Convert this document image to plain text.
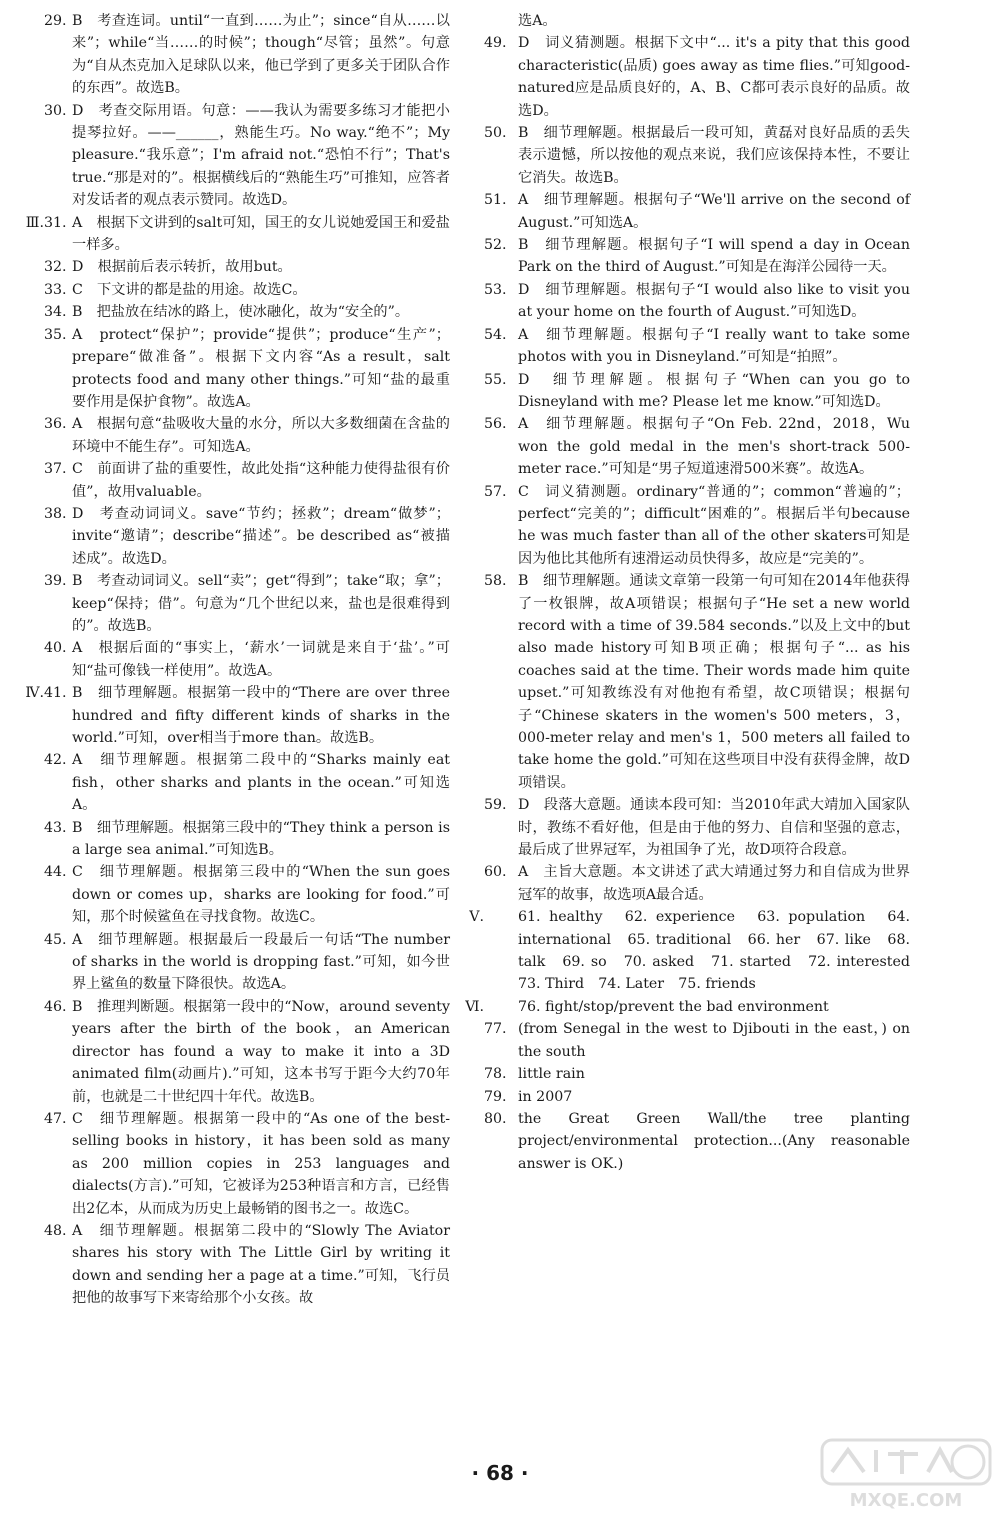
29. B　考查连词。until“一直到……为止”；since“自从……以来”；while“当……的时候”；though“尽管；虽然”。句意为“自从杰克加入足球队以来，他已学到了更多关于团队合作的东西”。故选B。
30. D　考查交际用语。句意：——我认为需要多练习才能把小提琴拉好。——______，熟能生巧。No way.“绝不”；My pleasure.“我乐意”；I'm afraid not.“恐怕不行”；That's true.“那是对的”。根据横线后的“熟能生巧”可推知，应答者对发话者的观点表示赞同。故选D。
Ⅲ. 31. A　根据下文讲到的salt可知，国王的女儿说她爱国王和爱盐一样多。
32. D　根据前后表示转折，故用but。
33. C　下文讲的都是盐的用途。故选C。
34. B　把盐放在结冰的路上，使冰融化，故为“安全的”。
35. A　protect“保护”；provide“提供”；produce“生产”；prepare“做准备”。根据下文内容“As a result，salt protects food and many other things.”可知“盐的最重要作用是保护食物”。故选A。
36. A　根据句意“盐吸收大量的水分，所以大多数细菌在含盐的环境中不能生存”。可知选A。
37. C　前面讲了盐的重要性，故此处指“这种能力使得盐很有价值”，故用valuable。
38. D　考查动词词义。save“节约；拯救”；dream“做梦”；invite“邀请”；describe“描述”。be described as“被描述成”。故选D。
39. B　考查动词词义。sell“卖”；get“得到”；take“取；拿”；keep“保持；借”。句意为“几个世纪以来，盐也是很难得到的”。故选B。
40. A　根据后面的“事实上，‘薪水’一词就是来自于‘盐’。”可知“盐可像钱一样使用”。故选A。
Ⅳ. 41. B　细节理解题。根据第一段中的“There are over three hundred and fifty different kinds of sharks in the world.”可知，over相当于more than。故选B。
42. A　细节理解题。根据第二段中的“Sharks mainly eat fish，other sharks and plants in the ocean.”可知选A。
43. B　细节理解题。根据第三段中的“They think a person is a large sea animal.”可知选B。
44. C　细节理解题。根据第三段中的“When the sun goes down or comes up，sharks are looking for food.”可知，那个时候鲨鱼在寻找食物。故选C。
45. A　细节理解题。根据最后一段最后一句话“The number of sharks in the world is dropping fast.”可知，如今世界上鲨鱼的数量下降很快。故选A。
46. B　推理判断题。根据第一段中的“Now，around seventy years after the birth of the book，an American director has found a way to make it into a 3D animated film(动画片).”可知，这本书写于距今大约70年前，也就是二十世纪四十年代。故选B。
47. C　细节理解题。根据第一段中的“As one of the best-selling books in history，it has been sold as many as 200 million copies in 253 languages and dialects(方言).”可知，它被译为253种语言和方言，已经售出2亿本，从而成为历史上最畅销的图书之一。故选C。
48. A　细节理解题。根据第二段中的“Slowly The Aviator shares his story with The Little Girl by writing it down and sending her a page at a time.”可知，飞行员把他的故事写下来寄给那个小女孩。故
选A。
49. D　词义猜测题。根据下文中“... it's a pity that this good characteristic(品质) goes away as time flies.”可知good-natured应是品质良好的，A、B、C都可表示良好的品质。故选D。
50. B　细节理解题。根据最后一段可知，黄磊对良好品质的丢失表示遗憾，所以按他的观点来说，我们应该保持本性，不要让它消失。故选B。
51. A　细节理解题。根据句子“We'll arrive on the second of August.”可知选A。
52. B　细节理解题。根据句子“I will spend a day in Ocean Park on the third of August.”可知是在海洋公园待一天。
53. D　细节理解题。根据句子“I would also like to visit you at your home on the fourth of August.”可知选D。
54. A　细节理解题。根据句子“I really want to take some photos with you in Disneyland.”可知是“拍照”。
55. D　细节理解题。根据句子“When can you go to Disneyland with me? Please let me know.”可知选D。
56. A　细节理解题。根据句子“On Feb. 22nd，2018，Wu won the gold medal in the men's short-track 500-meter race.”可知是“男子短道速滑500米赛”。故选A。
57. C　词义猜测题。ordinary“普通的”；common“普遍的”；perfect“完美的”；difficult“困难的”。根据后半句because he was much faster than all of the other skaters可知是因为他比其他所有速滑运动员快得多，故应是“完美的”。
58. B　细节理解题。通读文章第一段第一句可知在2014年他获得了一枚银牌，故A项错误；根据句子“He set a new world record with a time of 39.584 seconds.”以及上文中的but also made history可知B项正确；根据句子“... as his coaches said at the time. Their words made him quite upset.”可知教练没有对他抱有希望，故C项错误；根据句子“Chinese skaters in the women's 500 meters，3，000-meter relay and men's 1，500 meters all failed to take home the gold.”可知在这些项目中没有获得金牌，故D项错误。
59. D　段落大意题。通读本段可知：当2010年武大靖加入国家队时，教练不看好他，但是由于他的努力、自信和坚强的意志，最后成了世界冠军，为祖国争了光，故D项符合段意。
60. A　主旨大意题。本文讲述了武大靖通过努力和自信成为世界冠军的故事，故选项A最合适。
Ⅴ. 61. healthy　62. experience　63. population　64. international　65. traditional　66. her　67. like　68. talk　69. so　70. asked　71. started　72. interested　73. Third　74. Later　75. friends
Ⅵ. 76. fight/stop/prevent the bad environment
77. (from Senegal in the west to Djibouti in the east，) on the south
78. little rain
79. in 2007
80. the Great Green Wall/the tree planting project/environmental protection...(Any reasonable answer is OK.)
· 68 ·
MXQE.COM
